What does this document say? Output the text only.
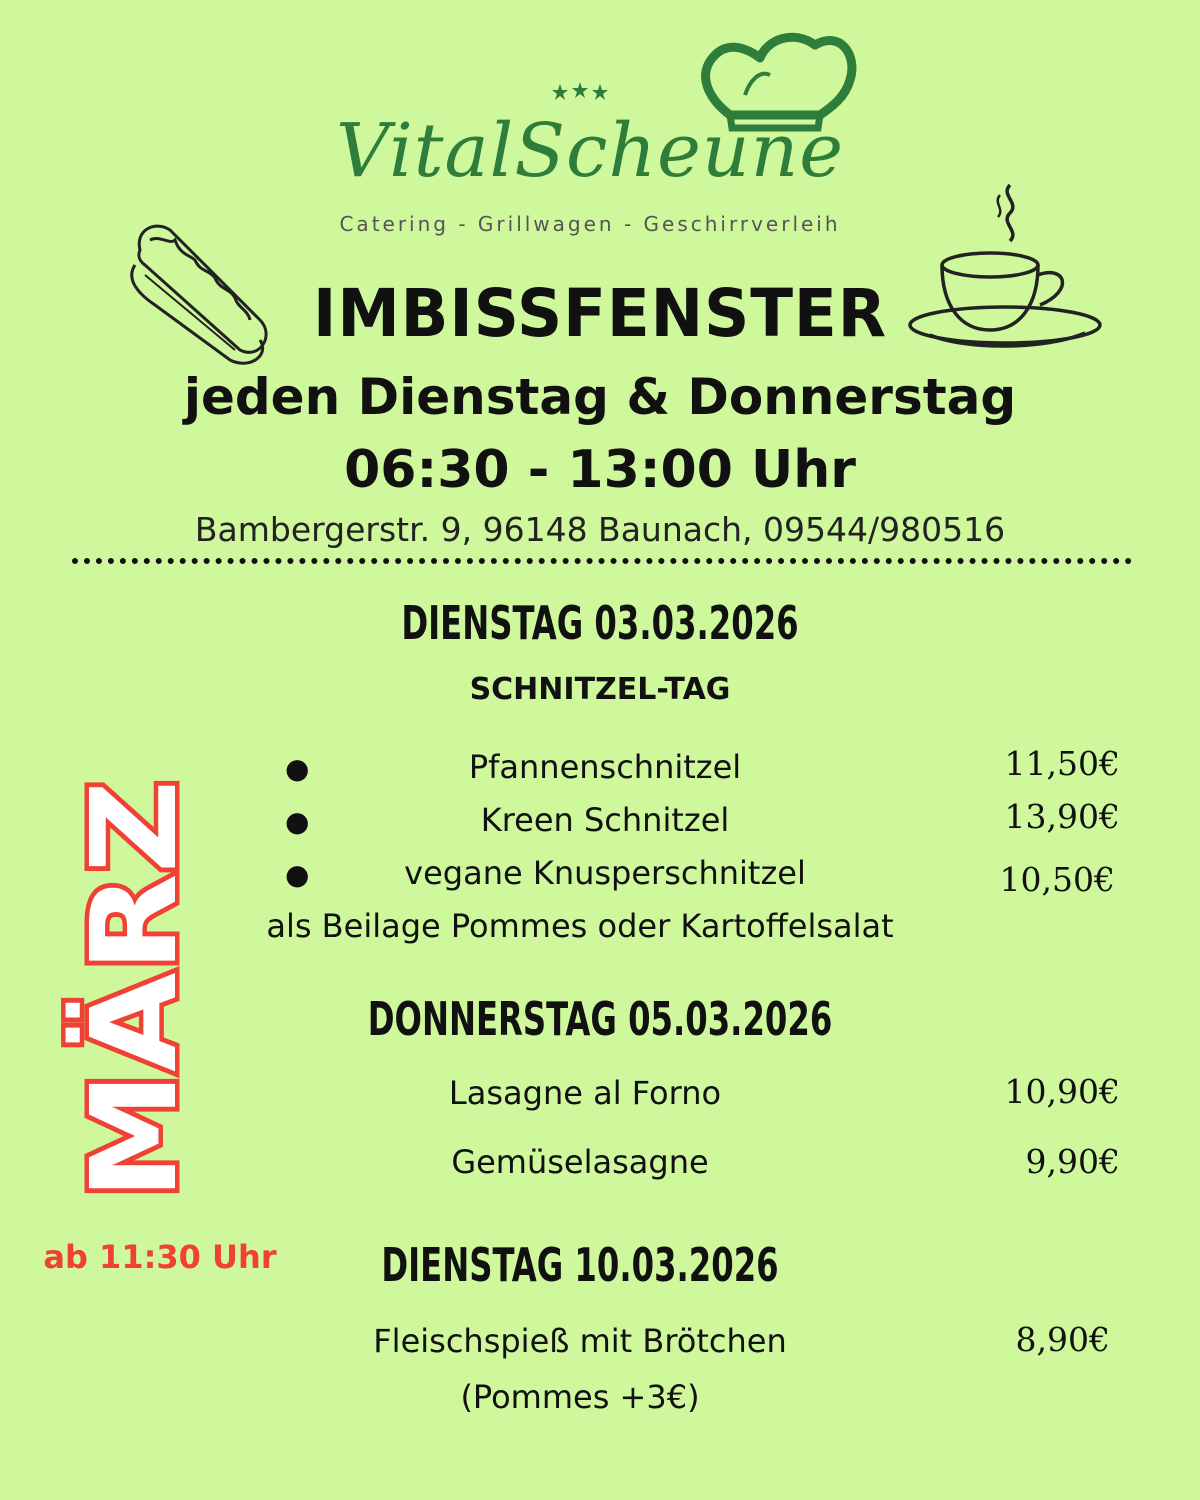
VitalScheune
Catering - Grillwagen - Geschirrverleih
IMBISSFENSTER
jeden Dienstag & Donnerstag
06:30 - 13:00 Uhr
Bambergerstr. 9, 96148 Baunach, 09544/980516
MÄRZ
ab 11:30 Uhr
DIENSTAG 03.03.2026
SCHNITZEL-TAG
●	Pfannenschnitzel	11,50€
●	Kreen Schnitzel	13,90€
●	vegane Knusperschnitzel	10,50€
als Beilage Pommes oder Kartoffelsalat
DONNERSTAG 05.03.2026
Lasagne al Forno	10,90€
Gemüselasagne	9,90€
DIENSTAG 10.03.2026
Fleischspieß mit Brötchen	8,90€
(Pommes +3€)
